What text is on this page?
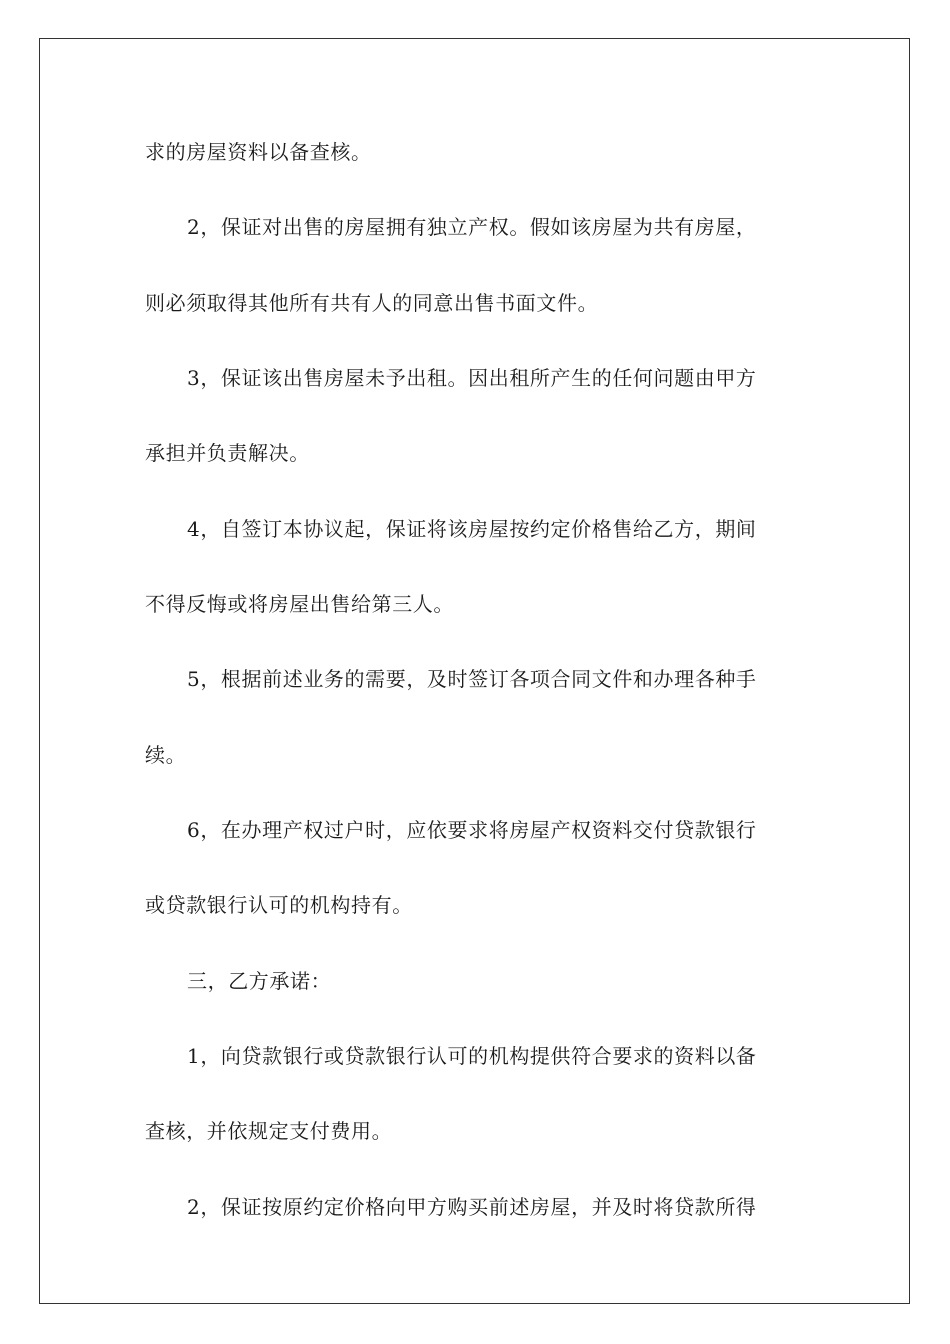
求的房屋资料以备查核。
2，保证对出售的房屋拥有独立产权。假如该房屋为共有房屋，
则必须取得其他所有共有人的同意出售书面文件。
3，保证该出售房屋未予出租。因出租所产生的任何问题由甲方
承担并负责解决。
4，自签订本协议起，保证将该房屋按约定价格售给乙方，期间
不得反悔或将房屋出售给第三人。
5，根据前述业务的需要，及时签订各项合同文件和办理各种手
续。
6，在办理产权过户时，应依要求将房屋产权资料交付贷款银行
或贷款银行认可的机构持有。
三，乙方承诺：
1，向贷款银行或贷款银行认可的机构提供符合要求的资料以备
查核，并依规定支付费用。
2，保证按原约定价格向甲方购买前述房屋，并及时将贷款所得
